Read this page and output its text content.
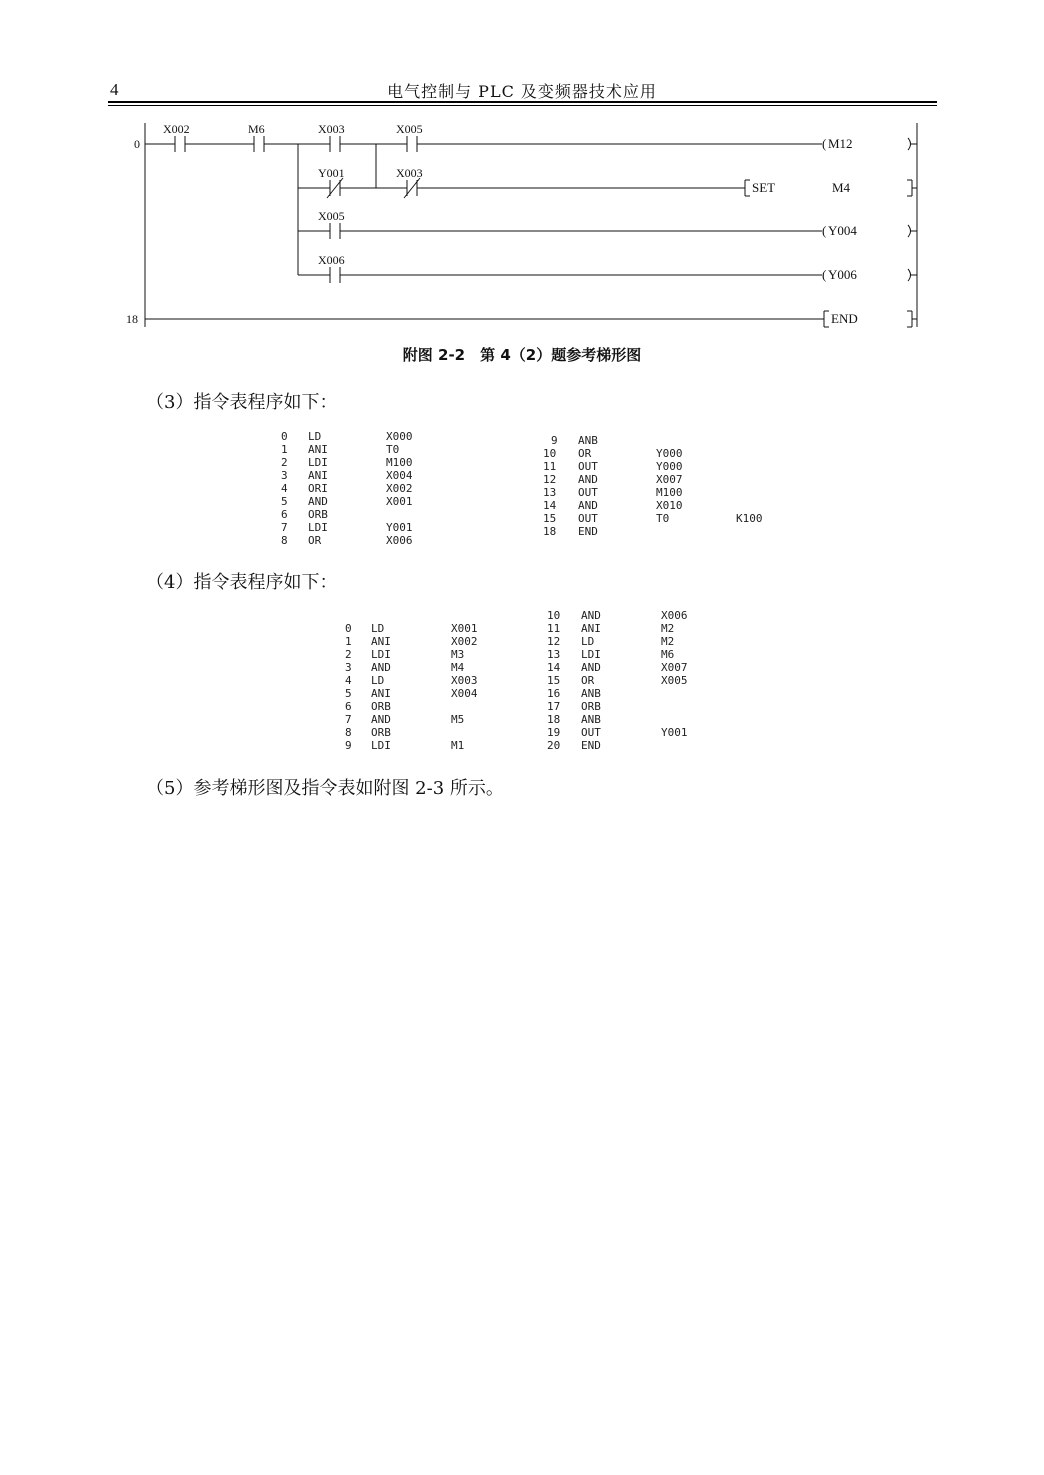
4	电气控制与 PLC 及变频器技术应用
0
18
X002	M6	X003	X005
Y001	X003
X005
X006
( M12
SET	M4
( Y004
( Y006
END
附图 2-2　第 4（2）题参考梯形图
（3）指令表程序如下：
0 LD	X000
1 ANI	T0
2 LDI	M100
3 ANI	X004
4 ORI	X002
5 AND	X001
6 ORB
7 LDI	Y001
8 OR	X006
9 ANB
10 OR	Y000
11 OUT	Y000
12 AND	X007
13 OUT	M100
14 AND	X010
15 OUT	T0	K100
18 END
（4）指令表程序如下：
0 LD	X001
1 ANI	X002
2 LDI	M3
3 AND	M4
4 LD	X003
5 ANI	X004
6 ORB
7 AND	M5
8 ORB
9 LDI	M1
10 AND	X006
11 ANI	M2
12 LD	M2
13 LDI	M6
14 AND	X007
15 OR	X005
16 ANB
17 ORB
18 ANB
19 OUT	Y001
20 END
（5）参考梯形图及指令表如附图 2-3 所示。
